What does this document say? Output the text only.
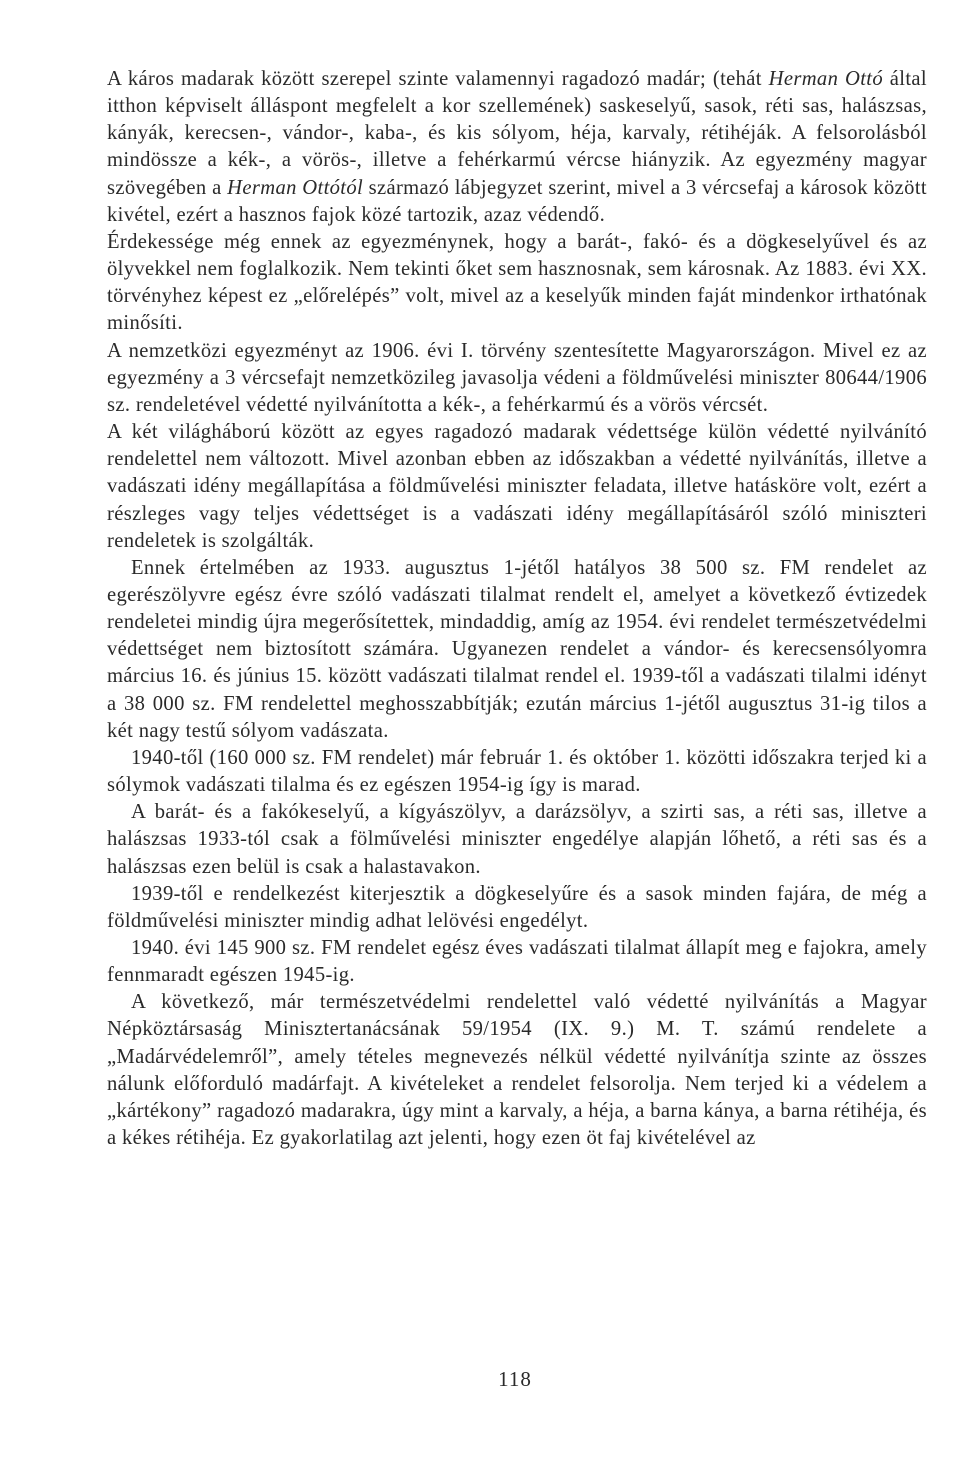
A káros madarak között szerepel szinte valamennyi ragadozó madár; (tehát Herman Ottó által itthon képviselt álláspont megfelelt a kor szellemének) saskeselyű, sasok, réti sas, halászsas, kányák, kerecsen-, vándor-, kaba-, és kis sólyom, héja, karvaly, rétihéják. A felsorolásból mindössze a kék-, a vörös-, illetve a fehérkarmú vércse hiányzik. Az egyezmény magyar szövegében a Herman Ottótól származó lábjegyzet szerint, mivel a 3 vércsefaj a károsok között kivétel, ezért a hasznos fajok közé tartozik, azaz védendő.

Érdekessége még ennek az egyezménynek, hogy a barát-, fakó- és a dögkeselyűvel és az ölyvekkel nem foglalkozik. Nem tekinti őket sem hasznosnak, sem károsnak. Az 1883. évi XX. törvényhez képest ez „előrelépés” volt, mivel az a keselyűk minden faját mindenkor irthatónak minősíti.

A nemzetközi egyezményt az 1906. évi I. törvény szentesítette Magyarországon. Mivel ez az egyezmény a 3 vércsefajt nemzetközileg javasolja védeni a földművelési miniszter 80644/1906 sz. rendeletével védetté nyilvánította a kék-, a fehérkarmú és a vörös vércsét.

A két világháború között az egyes ragadozó madarak védettsége külön védetté nyilvánító rendelettel nem változott. Mivel azonban ebben az időszakban a védetté nyilvánítás, illetve a vadászati idény megállapítása a földművelési miniszter feladata, illetve hatásköre volt, ezért a részleges vagy teljes védettséget is a vadászati idény megállapításáról szóló miniszteri rendeletek is szolgálták.

Ennek értelmében az 1933. augusztus 1-jétől hatályos 38 500 sz. FM rendelet az egerészölyvre egész évre szóló vadászati tilalmat rendelt el, amelyet a következő évtizedek rendeletei mindig újra megerősítettek, mindaddig, amíg az 1954. évi rendelet természetvédelmi védettséget nem biztosított számára. Ugyanezen rendelet a vándor- és kerecsensólyomra március 16. és június 15. között vadászati tilalmat rendel el. 1939-től a vadászati tilalmi idényt a 38 000 sz. FM rendelettel meghosszabbítják; ezután március 1-jétől augusztus 31-ig tilos a két nagy testű sólyom vadászata.

1940-től (160 000 sz. FM rendelet) már február 1. és október 1. közötti időszakra terjed ki a sólymok vadászati tilalma és ez egészen 1954-ig így is marad.

A barát- és a fakókeselyű, a kígyászölyv, a darázsölyv, a szirti sas, a réti sas, illetve a halászsas 1933-tól csak a fölművelési miniszter engedélye alapján lőhető, a réti sas és a halászsas ezen belül is csak a halastavakon.

1939-től e rendelkezést kiterjesztik a dögkeselyűre és a sasok minden fajára, de még a földművelési miniszter mindig adhat lelövési engedélyt.

1940. évi 145 900 sz. FM rendelet egész éves vadászati tilalmat állapít meg e fajokra, amely fennmaradt egészen 1945-ig.

A következő, már természetvédelmi rendelettel való védetté nyilvánítás a Magyar Népköztársaság Minisztertanácsának 59/1954 (IX. 9.) M. T. számú rendelete a „Madárvédelemről”, amely tételes megnevezés nélkül védetté nyilvánítja szinte az összes nálunk előforduló madárfajt. A kivételeket a rendelet felsorolja. Nem terjed ki a védelem a „kártékony” ragadozó madarakra, úgy mint a karvaly, a héja, a barna kánya, a barna rétihéja, és a kékes rétihéja. Ez gyakorlatilag azt jelenti, hogy ezen öt faj kivételével az

118
